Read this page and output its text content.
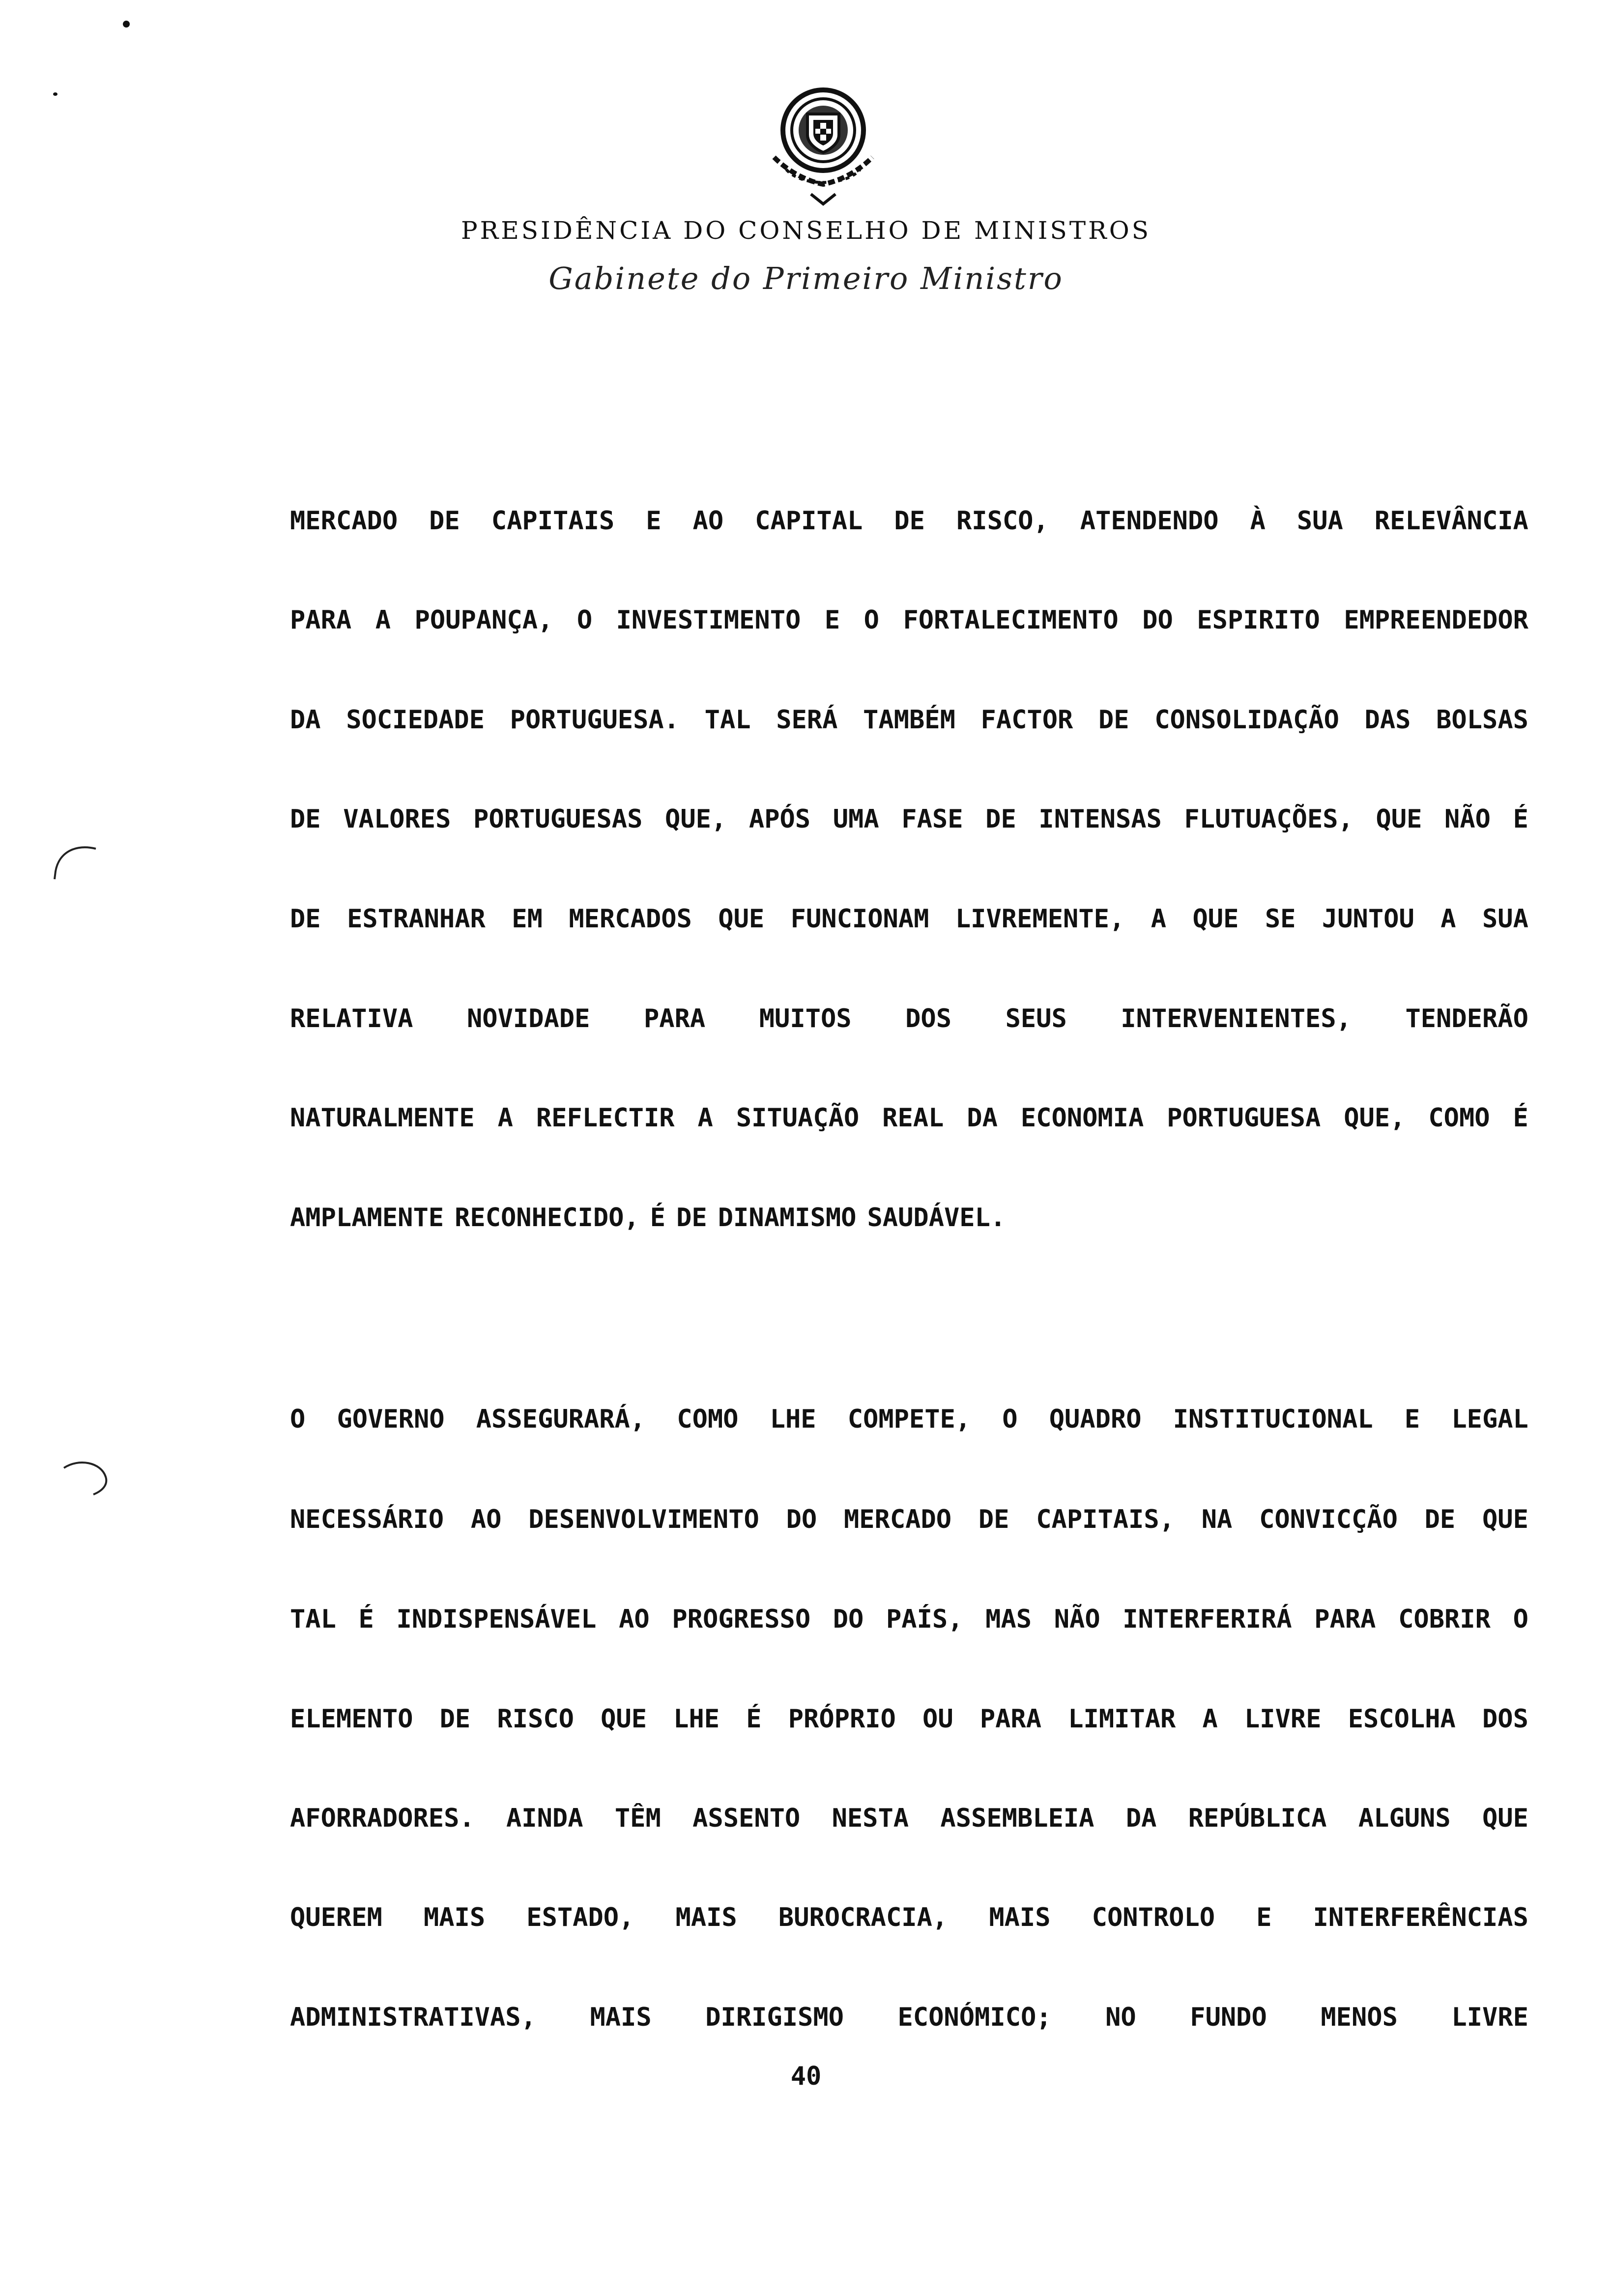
PRESIDÊNCIA DO CONSELHO DE MINISTROS
Gabinete do Primeiro Ministro
MERCADO DE CAPITAIS E AO CAPITAL DE RISCO, ATENDENDO À SUA RELEVÂNCIA
PARA A POUPANÇA, O INVESTIMENTO E O FORTALECIMENTO DO ESPIRITO EMPREENDEDOR
DA SOCIEDADE PORTUGUESA. TAL SERÁ TAMBÉM FACTOR DE CONSOLIDAÇÃO DAS BOLSAS
DE VALORES PORTUGUESAS QUE, APÓS UMA FASE DE INTENSAS FLUTUAÇÕES, QUE NÃO É
DE ESTRANHAR EM MERCADOS QUE FUNCIONAM LIVREMENTE, A QUE SE JUNTOU A SUA
RELATIVA NOVIDADE PARA MUITOS DOS SEUS INTERVENIENTES, TENDERÃO
NATURALMENTE A REFLECTIR A SITUAÇÃO REAL DA ECONOMIA PORTUGUESA QUE, COMO É
AMPLAMENTE RECONHECIDO, É DE DINAMISMO SAUDÁVEL.
O GOVERNO ASSEGURARÁ, COMO LHE COMPETE, O QUADRO INSTITUCIONAL E LEGAL
NECESSÁRIO AO DESENVOLVIMENTO DO MERCADO DE CAPITAIS, NA CONVICÇÃO DE QUE
TAL É INDISPENSÁVEL AO PROGRESSO DO PAÍS, MAS NÃO INTERFERIRÁ PARA COBRIR O
ELEMENTO DE RISCO QUE LHE É PRÓPRIO OU PARA LIMITAR A LIVRE ESCOLHA DOS
AFORRADORES. AINDA TÊM ASSENTO NESTA ASSEMBLEIA DA REPÚBLICA ALGUNS QUE
QUEREM MAIS ESTADO, MAIS BUROCRACIA, MAIS CONTROLO E INTERFERÊNCIAS
ADMINISTRATIVAS, MAIS DIRIGISMO ECONÓMICO; NO FUNDO MENOS LIVRE
40
